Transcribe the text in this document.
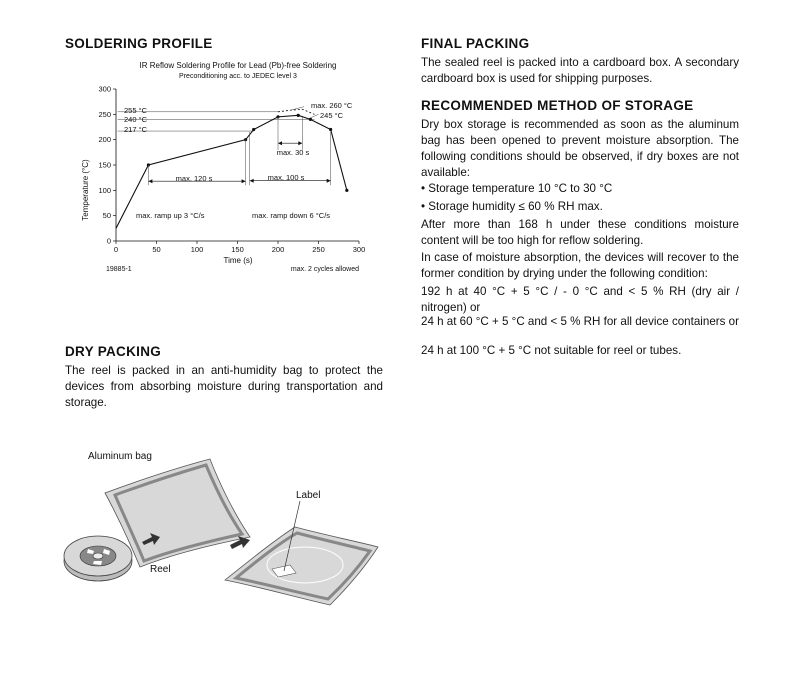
SOLDERING PROFILE
IR Reflow Soldering Profile for Lead (Pb)-free Soldering
Preconditioning acc. to JEDEC level 3
Temperature (°C)
Time (s)
0	50	100	150	200	250	300
0
50
100
150
200
250
300
max. 260 °C
245 °C
255 °C
240 °C
217 °C
max. 30 s
max. 120 s	max. 100 s
max. ramp up 3 °C/s	max. ramp down 6 °C/s
19885-1	max. 2 cycles allowed
DRY PACKING
The reel is packed in an anti-humidity bag to protect the devices from absorbing moisture during transportation and storage.
Aluminum bag
Reel
Label
FINAL PACKING
The sealed reel is packed into a cardboard box. A secondary cardboard box is used for shipping purposes.
RECOMMENDED METHOD OF STORAGE
Dry box storage is recommended as soon as the aluminum bag has been opened to prevent moisture absorption. The following conditions should be observed, if dry boxes are not available:
• Storage temperature 10 °C to 30 °C
• Storage humidity ≤ 60 % RH max.
After more than 168 h under these conditions moisture content will be too high for reflow soldering.
In case of moisture absorption, the devices will recover to the former condition by drying under the following condition:
192 h at 40 °C + 5 °C / - 0 °C and < 5 % RH (dry air / nitrogen) or
24 h at 60 °C + 5 °C and < 5 % RH for all device containers or
24 h at 100 °C + 5 °C not suitable for reel or tubes.
